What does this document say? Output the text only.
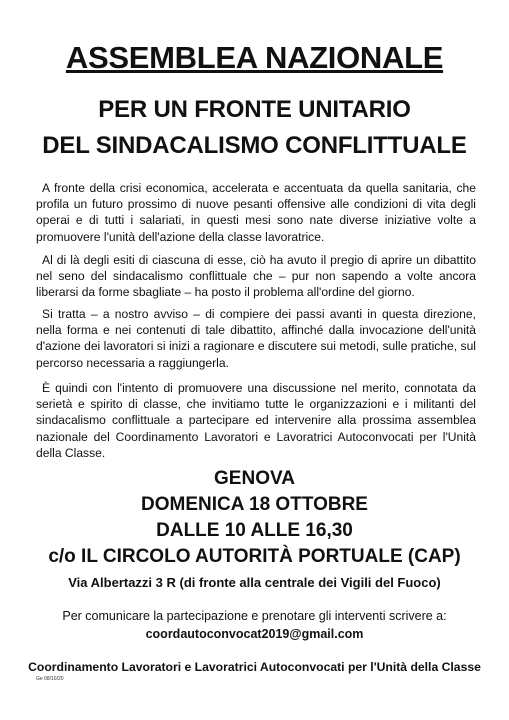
ASSEMBLEA NAZIONALE
PER UN FRONTE UNITARIO
DEL SINDACALISMO CONFLITTUALE

A fronte della crisi economica, accelerata e accentuata da quella sanitaria, che profila un futuro prossimo di nuove pesanti offensive alle condizioni di vita degli operai e di tutti i salariati, in questi mesi sono nate diverse iniziative volte a promuovere l'unità dell'azione della classe lavoratrice.

Al di là degli esiti di ciascuna di esse, ciò ha avuto il pregio di aprire un dibattito nel seno del sindacalismo conflittuale che – pur non sapendo a volte ancora liberarsi da forme sbagliate – ha posto il problema all'ordine del giorno.

Si tratta – a nostro avviso – di compiere dei passi avanti in questa direzione, nella forma e nei contenuti di tale dibattito, affinché dalla invocazione dell'unità d'azione dei lavoratori si inizi a ragionare e discutere sui metodi, sulle pratiche, sul percorso necessaria a raggiungerla.

È quindi con l'intento di promuovere una discussione nel merito, connotata da serietà e spirito di classe, che invitiamo tutte le organizzazioni e i militanti del sindacalismo conflittuale a partecipare ed intervenire alla prossima assemblea nazionale del Coordinamento Lavoratori e Lavoratrici Autoconvocati per l'Unità della Classe.

GENOVA
DOMENICA 18 OTTOBRE
DALLE 10 ALLE 16,30
c/o IL CIRCOLO AUTORITÀ PORTUALE (CAP)
Via Albertazzi 3 R (di fronte alla centrale dei Vigili del Fuoco)
Per comunicare la partecipazione e prenotare gli interventi scrivere a:
coordautoconvocat2019@gmail.com
Coordinamento Lavoratori e Lavoratrici Autoconvocati per l'Unità della Classe
Ge 08/10/20
